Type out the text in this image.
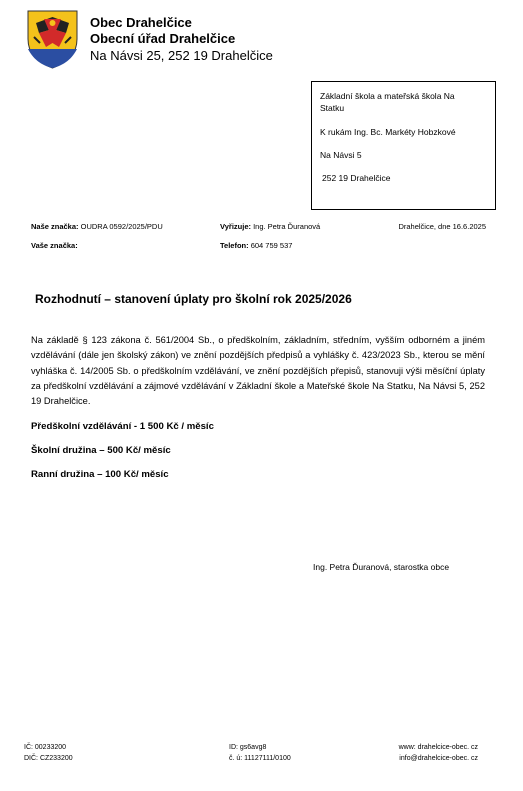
Obec Drahelčice
Obecní úřad Drahelčice
Na Návsi 25, 252 19 Drahelčice
Základní škola a mateřská škola Na
Statku
K rukám Ing. Bc. Markéty Hobzkové
Na Návsi 5
252 19 Drahelčice
Naše značka: OUDRA 0592/2025/PDU
Vaše značka:
Vyřizuje: Ing. Petra Ďuranová
Telefon: 604 759 537
Drahelčice, dne 16.6.2025
Rozhodnutí – stanovení úplaty pro školní rok 2025/2026
Na základě § 123 zákona č. 561/2004 Sb., o předškolním, základním, středním, vyšším odborném a jiném vzdělávání (dále jen školský zákon) ve znění pozdějších předpisů a vyhlášky č. 423/2023 Sb., kterou se mění vyhláška č. 14/2005 Sb. o předškolním vzdělávání, ve znění pozdějších přepisů, stanovuji výši měsíční úplaty za předškolní vzdělávání a zájmové vzdělávání v Základní škole a Mateřské škole Na Statku, Na Návsi 5, 252 19 Drahelčice.
Předškolní vzdělávání - 1 500 Kč / měsíc
Školní družina – 500 Kč/ měsíc
Ranní družina – 100 Kč/ měsíc
Ing. Petra Ďuranová, starostka obce
IČ: 00233200
DIČ: CZ233200
ID: gs6avg8
č. ú: 11127111/0100
www: drahelcice-obec. cz
info@drahelcice-obec. cz
